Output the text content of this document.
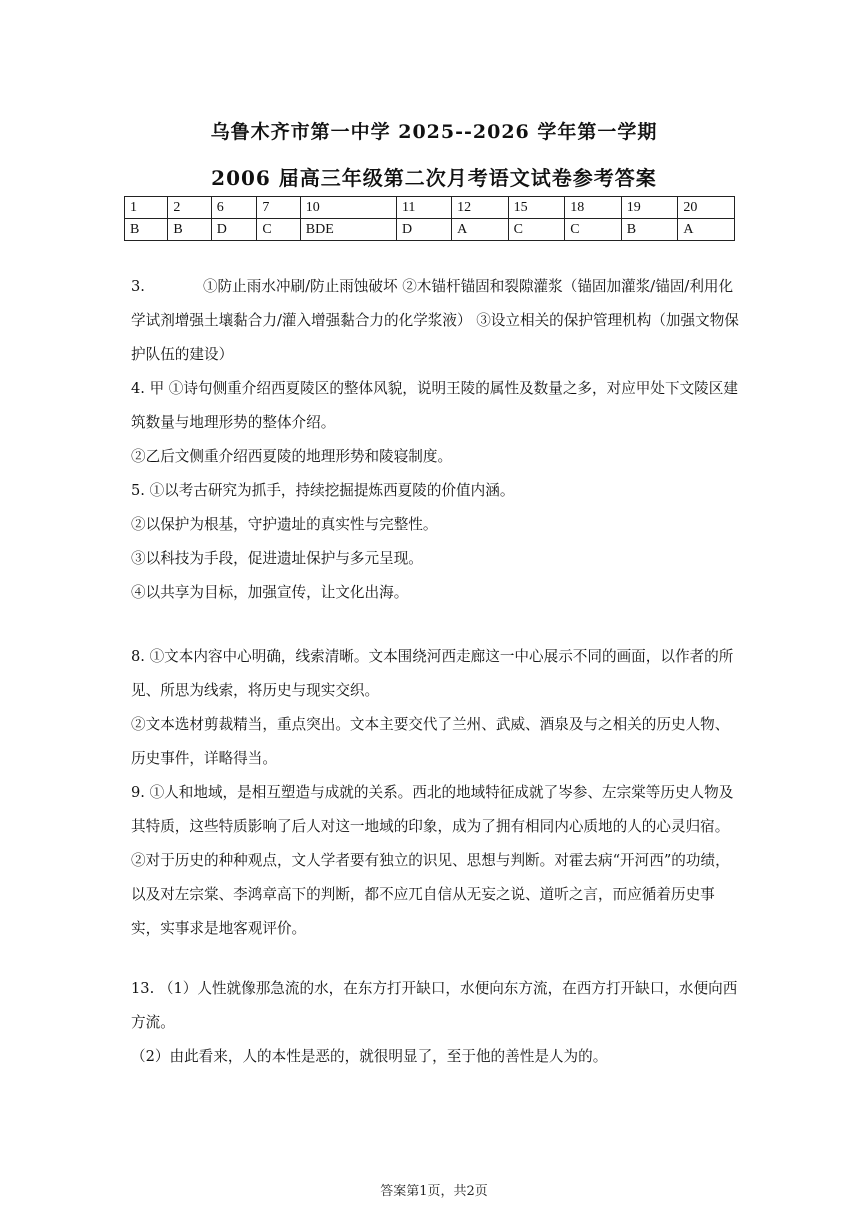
乌鲁木齐市第一中学 2025--2026 学年第一学期
2006 届高三年级第二次月考语文试卷参考答案
1	2	6	7	10	11	12	15	18	19	20
B	B	D	C	BDE	D	A	C	C	B	A

3.	①防止雨水冲刷/防止雨蚀破坏 ②木锚杆锚固和裂隙灌浆（锚固加灌浆/锚固/利用化学试剂增强土壤黏合力/灌入增强黏合力的化学浆液） ③设立相关的保护管理机构（加强文物保护队伍的建设）

4. 甲 ①诗句侧重介绍西夏陵区的整体风貌，说明王陵的属性及数量之多，对应甲处下文陵区建筑数量与地理形势的整体介绍。

②乙后文侧重介绍西夏陵的地理形势和陵寝制度。

5. ①以考古研究为抓手，持续挖掘提炼西夏陵的价值内涵。

②以保护为根基，守护遗址的真实性与完整性。

③以科技为手段，促进遗址保护与多元呈现。

④以共享为目标，加强宣传，让文化出海。

8. ①文本内容中心明确，线索清晰。文本围绕河西走廊这一中心展示不同的画面，以作者的所见、所思为线索，将历史与现实交织。

②文本选材剪裁精当，重点突出。文本主要交代了兰州、武威、酒泉及与之相关的历史人物、历史事件，详略得当。

9. ①人和地域，是相互塑造与成就的关系。西北的地域特征成就了岑参、左宗棠等历史人物及其特质，这些特质影响了后人对这一地域的印象，成为了拥有相同内心质地的人的心灵归宿。②对于历史的种种观点，文人学者要有独立的识见、思想与判断。对霍去病“开河西”的功绩，以及对左宗棠、李鸿章高下的判断，都不应兀自信从无妄之说、道听之言，而应循着历史事实，实事求是地客观评价。

13. （1）人性就像那急流的水，在东方打开缺口，水便向东方流，在西方打开缺口，水便向西方流。

（2）由此看来，人的本性是恶的，就很明显了，至于他的善性是人为的。

答案第1页，共2页
